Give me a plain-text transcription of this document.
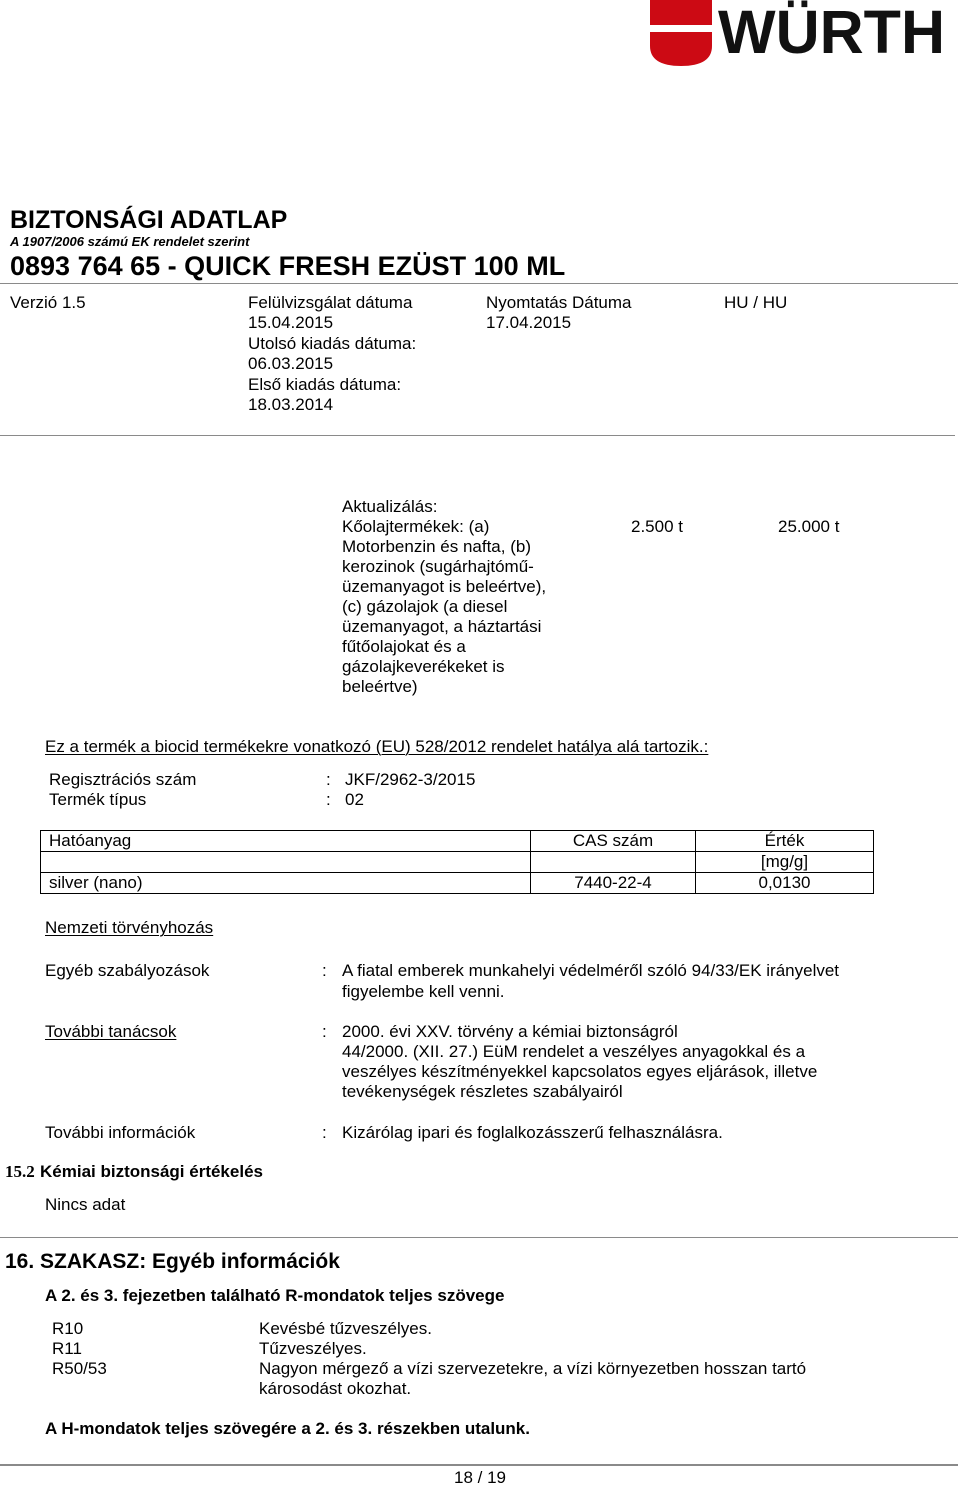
WÜRTH
BIZTONSÁGI ADATLAP
A 1907/2006 számú EK rendelet szerint
0893 764 65 - QUICK FRESH EZÜST 100 ML
Verzió 1.5	Felülvizsgálat dátuma
15.04.2015
Utolsó kiadás dátuma:
06.03.2015
Első kiadás dátuma:
18.03.2014
Nyomtatás Dátuma
17.04.2015
HU / HU
Aktualizálás:
Kőolajtermékek: (a)
Motorbenzin és nafta, (b)
kerozinok (sugárhajtómű-
üzemanyagot is beleértve),
(c) gázolajok (a diesel
üzemanyagot, a háztartási
fűtőolajokat és a
gázolajkeverékeket is
beleértve)
2.500 t	25.000 t
Ez a termék a biocid termékekre vonatkozó (EU) 528/2012 rendelet hatálya alá tartozik.:
Regisztrációs szám	: JKF/2962-3/2015
Termék típus	: 02
Hatóanyag	CAS szám	Érték
		[mg/g]
silver (nano)	7440-22-4	0,0130
Nemzeti törvényhozás
Egyéb szabályozások	: A fiatal emberek munkahelyi védelméről szóló 94/33/EK irányelvet
figyelembe kell venni.
További tanácsok	: 2000. évi XXV. törvény a kémiai biztonságról
44/2000. (XII. 27.) EüM rendelet a veszélyes anyagokkal és a
veszélyes készítményekkel kapcsolatos egyes eljárások, illetve
tevékenységek részletes szabályairól
További információk	: Kizárólag ipari és foglalkozásszerű felhasználásra.
15.2 Kémiai biztonsági értékelés
Nincs adat
16. SZAKASZ: Egyéb információk
A 2. és 3. fejezetben található R-mondatok teljes szövege
R10	Kevésbé tűzveszélyes.
R11	Tűzveszélyes.
R50/53	Nagyon mérgező a vízi szervezetekre, a vízi környezetben hosszan tartó
károsodást okozhat.
A H-mondatok teljes szövegére a 2. és 3. részekben utalunk.
18 / 19
